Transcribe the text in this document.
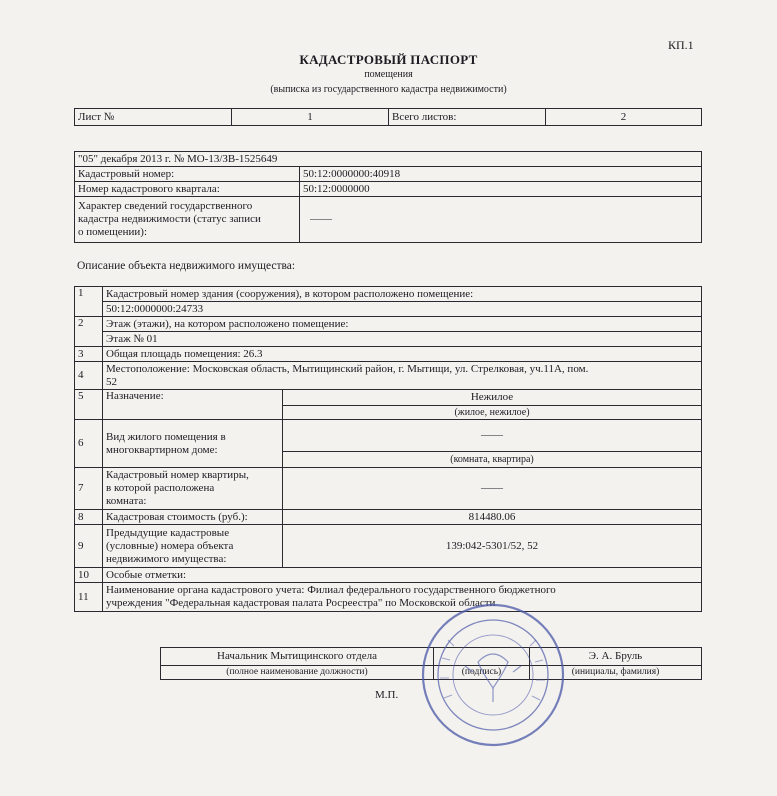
КП.1
КАДАСТРОВЫЙ ПАСПОРТ
помещения
(выписка из государственного кадастра недвижимости)
Лист №	1	Всего листов:	2
"05" декабря 2013 г. № МО-13/ЗВ-1525649	
Кадастровый номер:	50:12:0000000:40918
Номер кадастрового квартала:	50:12:0000000

Характер сведений государственного
кадастра недвижимости (статус записи
о помещении):	——
Описание объекта недвижимого имущества:
1	Кадастровый номер здания (сооружения), в котором расположено помещение:	
	50:12:0000000:24733	
2	Этаж (этажи), на котором расположено помещение:	
	Этаж № 01	
3	Общая площадь помещения: 26.3	
4	Местоположение: Московская область, Мытищинский район, г. Мытищи, ул. Стрелковая, уч.11А, пом.
52	

5	Назначение:	Нежилое
		(жилое, нежилое)
6	Вид жилого помещения в
многоквартирном доме:	——
		(комната, квартира)
7	Кадастровый номер квартиры,
в которой расположена
комната:	——
8	Кадастровая стоимость (руб.):	814480.06
9	Предыдущие кадастровые
(условные) номера объекта
недвижимого имущества:	139:042-5301/52, 52
10	Особые отметки:	
11	Наименование органа кадастрового учета: Филиал федерального государственного бюджетного
учреждения "Федеральная кадастровая палата Росреестра" по Московской области	
Начальник Мытищинского отдела		Э. А. Бруль
(полное наименование должности)	(подпись)	(инициалы, фамилия)
М.П.
